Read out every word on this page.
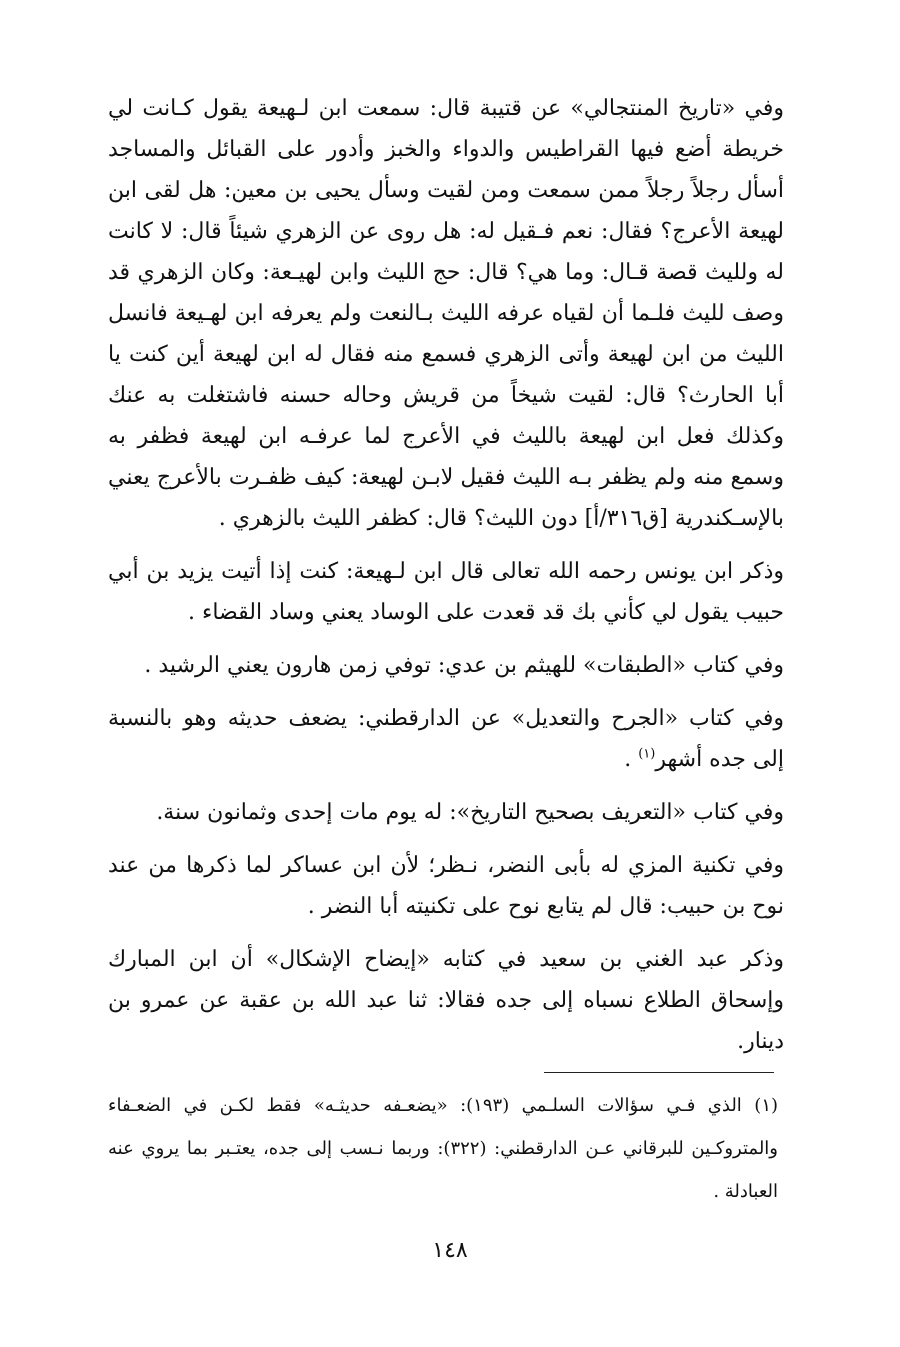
وفي «تاريخ المنتجالي» عن قتيبة قال: سمعت ابن لـهيعة يقول كـانت لي خريطة أضع فيها القراطيس والدواء والخبز وأدور على القبائل والمساجد أسأل رجلاً رجلاً ممن سمعت ومن لقيت وسأل يحيى بن معين: هل لقى ابن لهيعة الأعرج؟ فقال: نعم فـقيل له: هل روى عن الزهري شيئاً قال: لا كانت له ولليث قصة قـال: وما هي؟ قال: حج الليث وابن لهيـعة: وكان الزهري قد وصف لليث فلـما أن لقياه عرفه الليث بـالنعت ولم يعرفه ابن لهـيعة فانسل الليث من ابن لهيعة وأتى الزهري فسمع منه فقال له ابن لهيعة أين كنت يا أبا الحارث؟ قال: لقيت شيخاً من قريش وحاله حسنه فاشتغلت به عنك وكذلك فعل ابن لهيعة بالليث في الأعرج لما عرفـه ابن لهيعة فظفر به وسمع منه ولم يظفر بـه الليث فقيل لابـن لهيعة: كيف ظفـرت بالأعرج يعني بالإسـكندرية [ق٣١٦/أ] دون الليث؟ قال: كظفر الليث بالزهري .

وذكر ابن يونس رحمه الله تعالى قال ابن لـهيعة: كنت إذا أتيت يزيد بن أبي حبيب يقول لي كأني بك قد قعدت على الوساد يعني وساد القضاء .

وفي كتاب «الطبقات» للهيثم بن عدي: توفي زمن هارون يعني الرشيد .

وفي كتاب «الجرح والتعديل» عن الدارقطني: يضعف حديثه وهو بالنسبة إلى جده أشهر$^{(١)}$ .

وفي كتاب «التعريف بصحيح التاريخ»: له يوم مات إحدى وثمانون سنة.

وفي تكنية المزي له بأبى النضر، نـظر؛ لأن ابن عساكر لما ذكرها من عند نوح بن حبيب: قال لم يتابع نوح على تكنيته أبا النضر .

وذكر عبد الغني بن سعيد في كتابه «إيضاح الإشكال» أن ابن المبارك وإسحاق الطلاع نسباه إلى جده فقالا: ثنا عبد الله بن عقبة عن عمرو بن دينار.

(١) الذي فـي سؤالات السلـمي (١٩٣): «يضعـفه حديثـه» فقط لكـن في الضعـفاء والمتروكـين للبرقاني عـن الدارقطني: (٣٢٢): وربما نـسب إلى جده، يعتـبر بما يروي عنه العبادلة .

١٤٨
